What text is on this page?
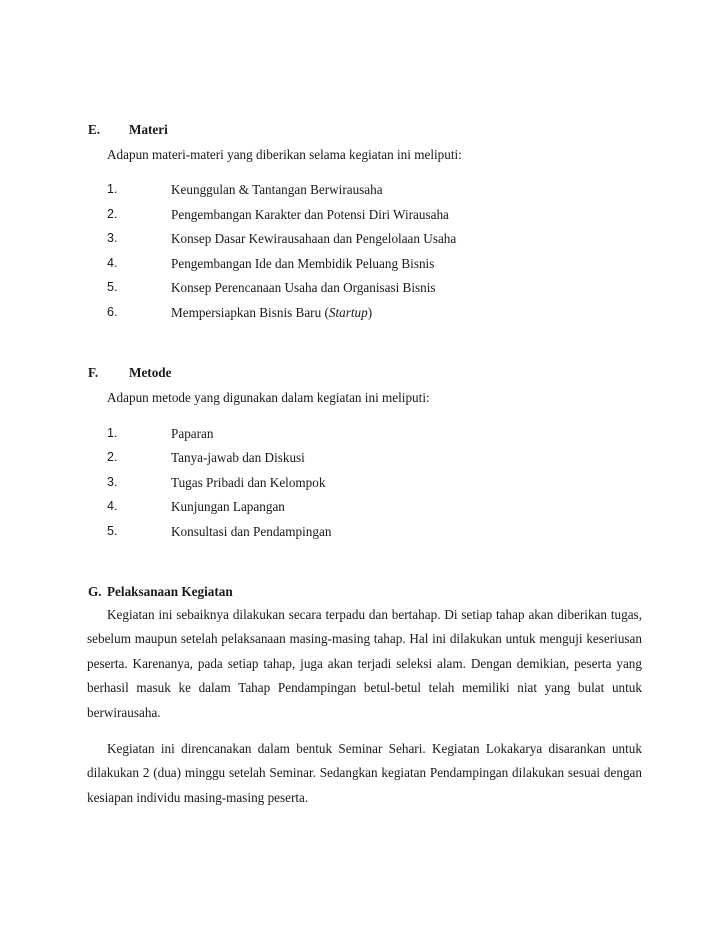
E. Materi
Adapun materi-materi yang diberikan selama kegiatan ini meliputi:
1.	Keunggulan & Tantangan Berwirausaha
2.	Pengembangan Karakter dan Potensi Diri Wirausaha
3.	Konsep Dasar Kewirausahaan dan Pengelolaan Usaha
4.	Pengembangan Ide dan Membidik Peluang Bisnis
5.	Konsep Perencanaan Usaha dan Organisasi Bisnis
6.	Mempersiapkan Bisnis Baru (Startup)
F. Metode
Adapun metode yang digunakan dalam kegiatan ini meliputi:
1.	Paparan
2.	Tanya-jawab dan Diskusi
3.	Tugas Pribadi dan Kelompok
4.	Kunjungan Lapangan
5.	Konsultasi dan Pendampingan
G. Pelaksanaan Kegiatan
Kegiatan ini sebaiknya dilakukan secara terpadu dan bertahap. Di setiap tahap akan diberikan tugas, sebelum maupun setelah pelaksanaan masing-masing tahap. Hal ini dilakukan untuk menguji keseriusan peserta. Karenanya, pada setiap tahap, juga akan terjadi seleksi alam. Dengan demikian, peserta yang berhasil masuk ke dalam Tahap Pendampingan betul-betul telah memiliki niat yang bulat untuk berwirausaha.
Kegiatan ini direncanakan dalam bentuk Seminar Sehari. Kegiatan Lokakarya disarankan untuk dilakukan 2 (dua) minggu setelah Seminar. Sedangkan kegiatan Pendampingan dilakukan sesuai dengan kesiapan individu masing-masing peserta.
